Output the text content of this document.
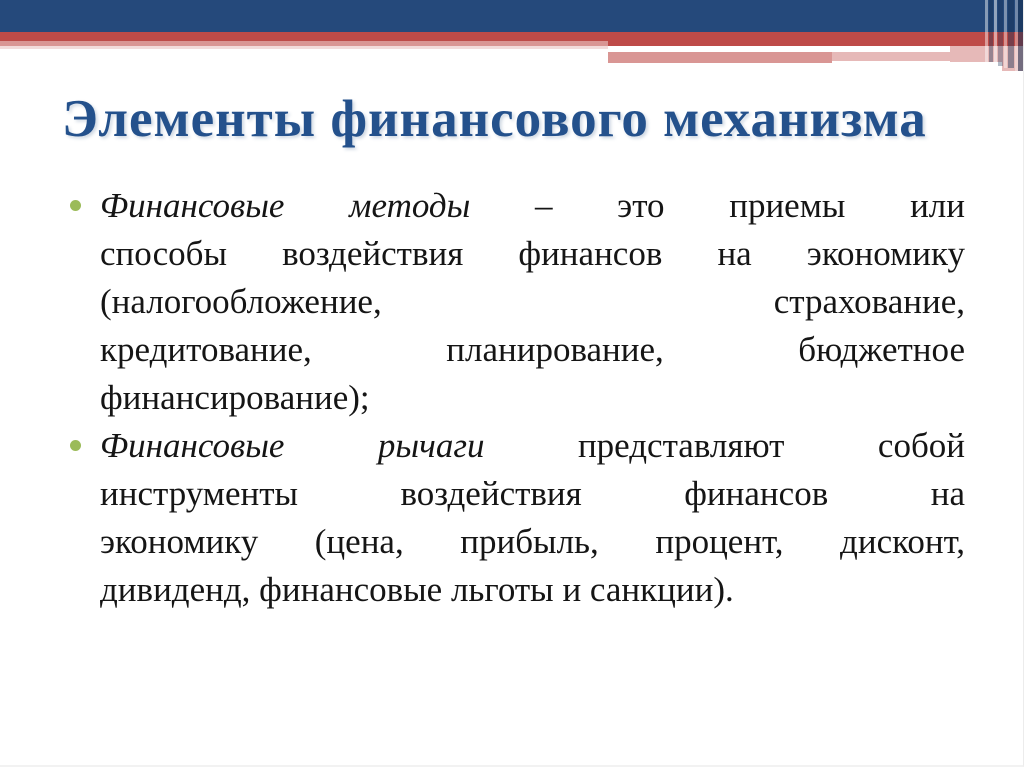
Элементы финансового механизма
Финансовые методы – это приемы или
способы воздействия финансов на экономику
(налогообложение, страхование,
кредитование, планирование, бюджетное
финансирование);
Финансовые рычаги представляют собой
инструменты воздействия финансов на
экономику (цена, прибыль, процент, дисконт,
дивиденд, финансовые льготы и санкции).
